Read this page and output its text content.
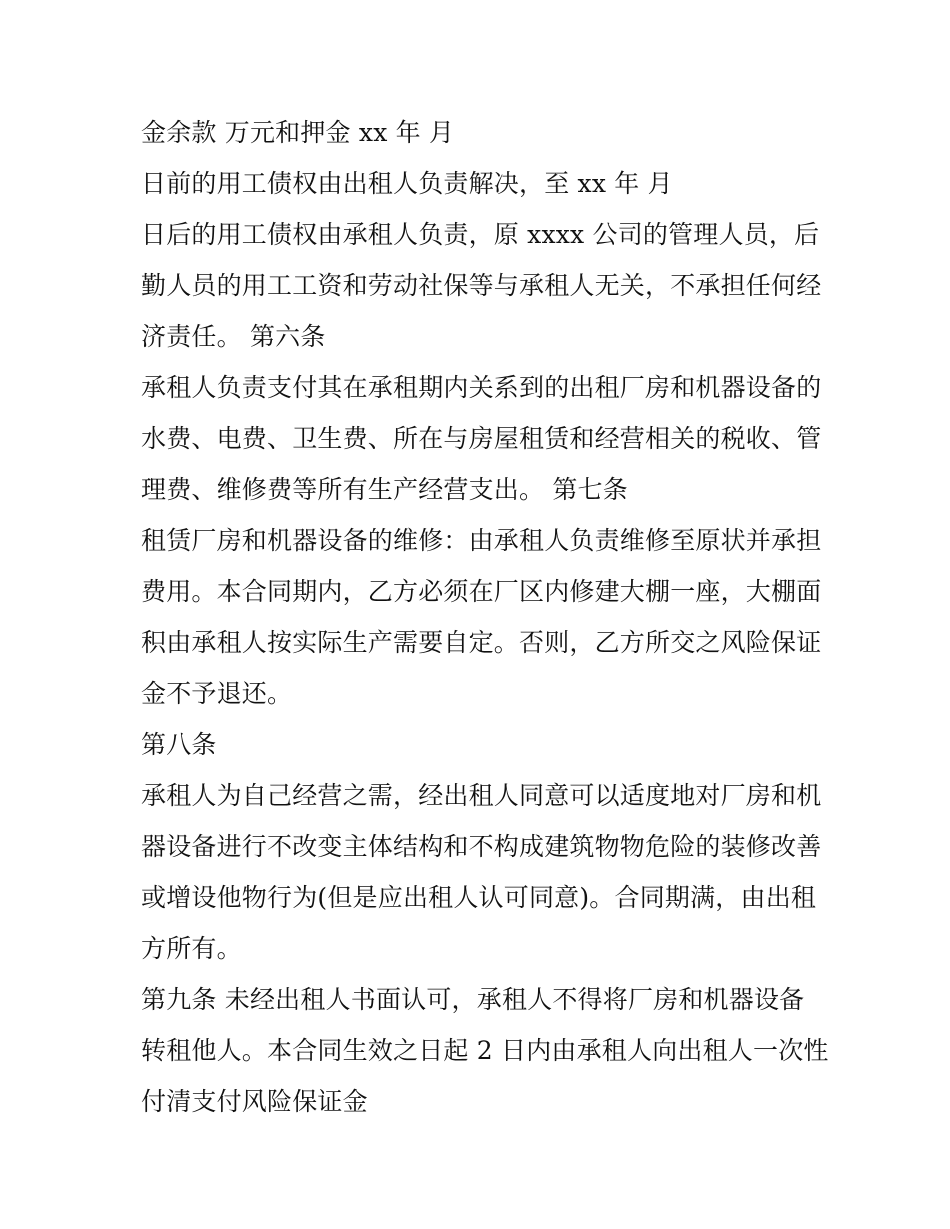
金余款 万元和押金 xx 年 月

日前的用工债权由出租人负责解决，至 xx 年 月

日后的用工债权由承租人负责，原 xxxx 公司的管理人员，后

勤人员的用工工资和劳动社保等与承租人无关，不承担任何经

济责任。 第六条

承租人负责支付其在承租期内关系到的出租厂房和机器设备的

水费、电费、卫生费、所在与房屋租赁和经营相关的税收、管

理费、维修费等所有生产经营支出。 第七条

租赁厂房和机器设备的维修：由承租人负责维修至原状并承担

费用。本合同期内，乙方必须在厂区内修建大棚一座，大棚面

积由承租人按实际生产需要自定。否则，乙方所交之风险保证

金不予退还。

第八条

承租人为自己经营之需，经出租人同意可以适度地对厂房和机

器设备进行不改变主体结构和不构成建筑物物危险的装修改善

或增设他物行为(但是应出租人认可同意)。合同期满，由出租

方所有。

第九条 未经出租人书面认可，承租人不得将厂房和机器设备

转租他人。本合同生效之日起 2 日内由承租人向出租人一次性

付清支付风险保证金
